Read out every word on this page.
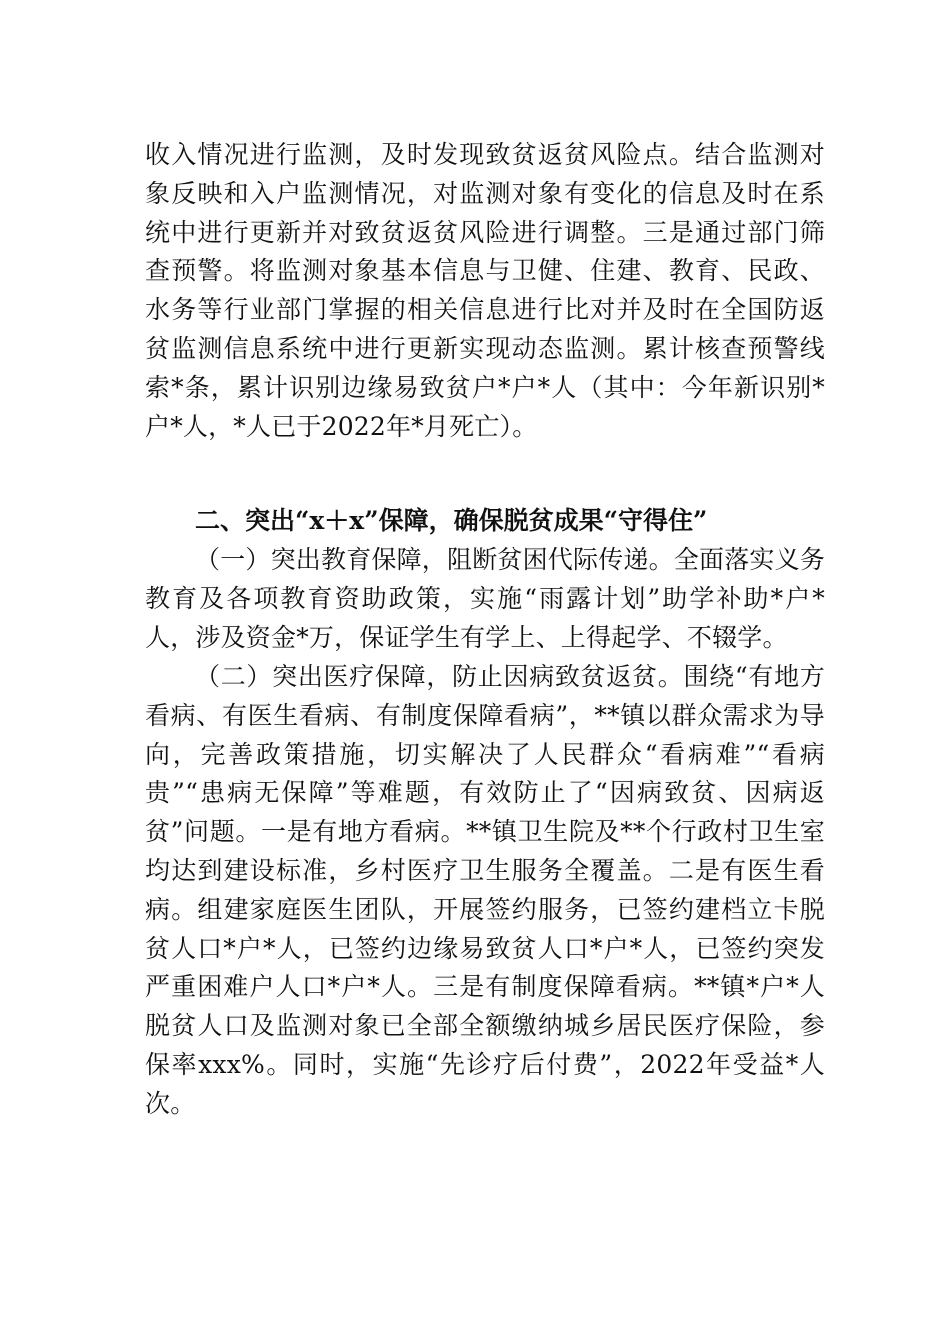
收入情况进行监测，及时发现致贫返贫风险点。结合监测对象反映和入户监测情况，对监测对象有变化的信息及时在系统中进行更新并对致贫返贫风险进行调整。三是通过部门筛查预警。将监测对象基本信息与卫健、住建、教育、民政、水务等行业部门掌握的相关信息进行比对并及时在全国防返贫监测信息系统中进行更新实现动态监测。累计核查预警线索*条，累计识别边缘易致贫户*户*人（其中：今年新识别*户*人，*人已于2022年*月死亡）。

二、突出“x＋x”保障，确保脱贫成果“守得住”

（一）突出教育保障，阻断贫困代际传递。全面落实义务教育及各项教育资助政策，实施“雨露计划”助学补助*户*人，涉及资金*万，保证学生有学上、上得起学、不辍学。

（二）突出医疗保障，防止因病致贫返贫。围绕“有地方看病、有医生看病、有制度保障看病”，**镇以群众需求为导向，完善政策措施，切实解决了人民群众“看病难”“看病贵”“患病无保障”等难题，有效防止了“因病致贫、因病返贫”问题。一是有地方看病。**镇卫生院及**个行政村卫生室均达到建设标准，乡村医疗卫生服务全覆盖。二是有医生看病。组建家庭医生团队，开展签约服务，已签约建档立卡脱贫人口*户*人，已签约边缘易致贫人口*户*人，已签约突发严重困难户人口*户*人。三是有制度保障看病。**镇*户*人脱贫人口及监测对象已全部全额缴纳城乡居民医疗保险，参保率xxx%。同时，实施“先诊疗后付费”，2022年受益*人次。
